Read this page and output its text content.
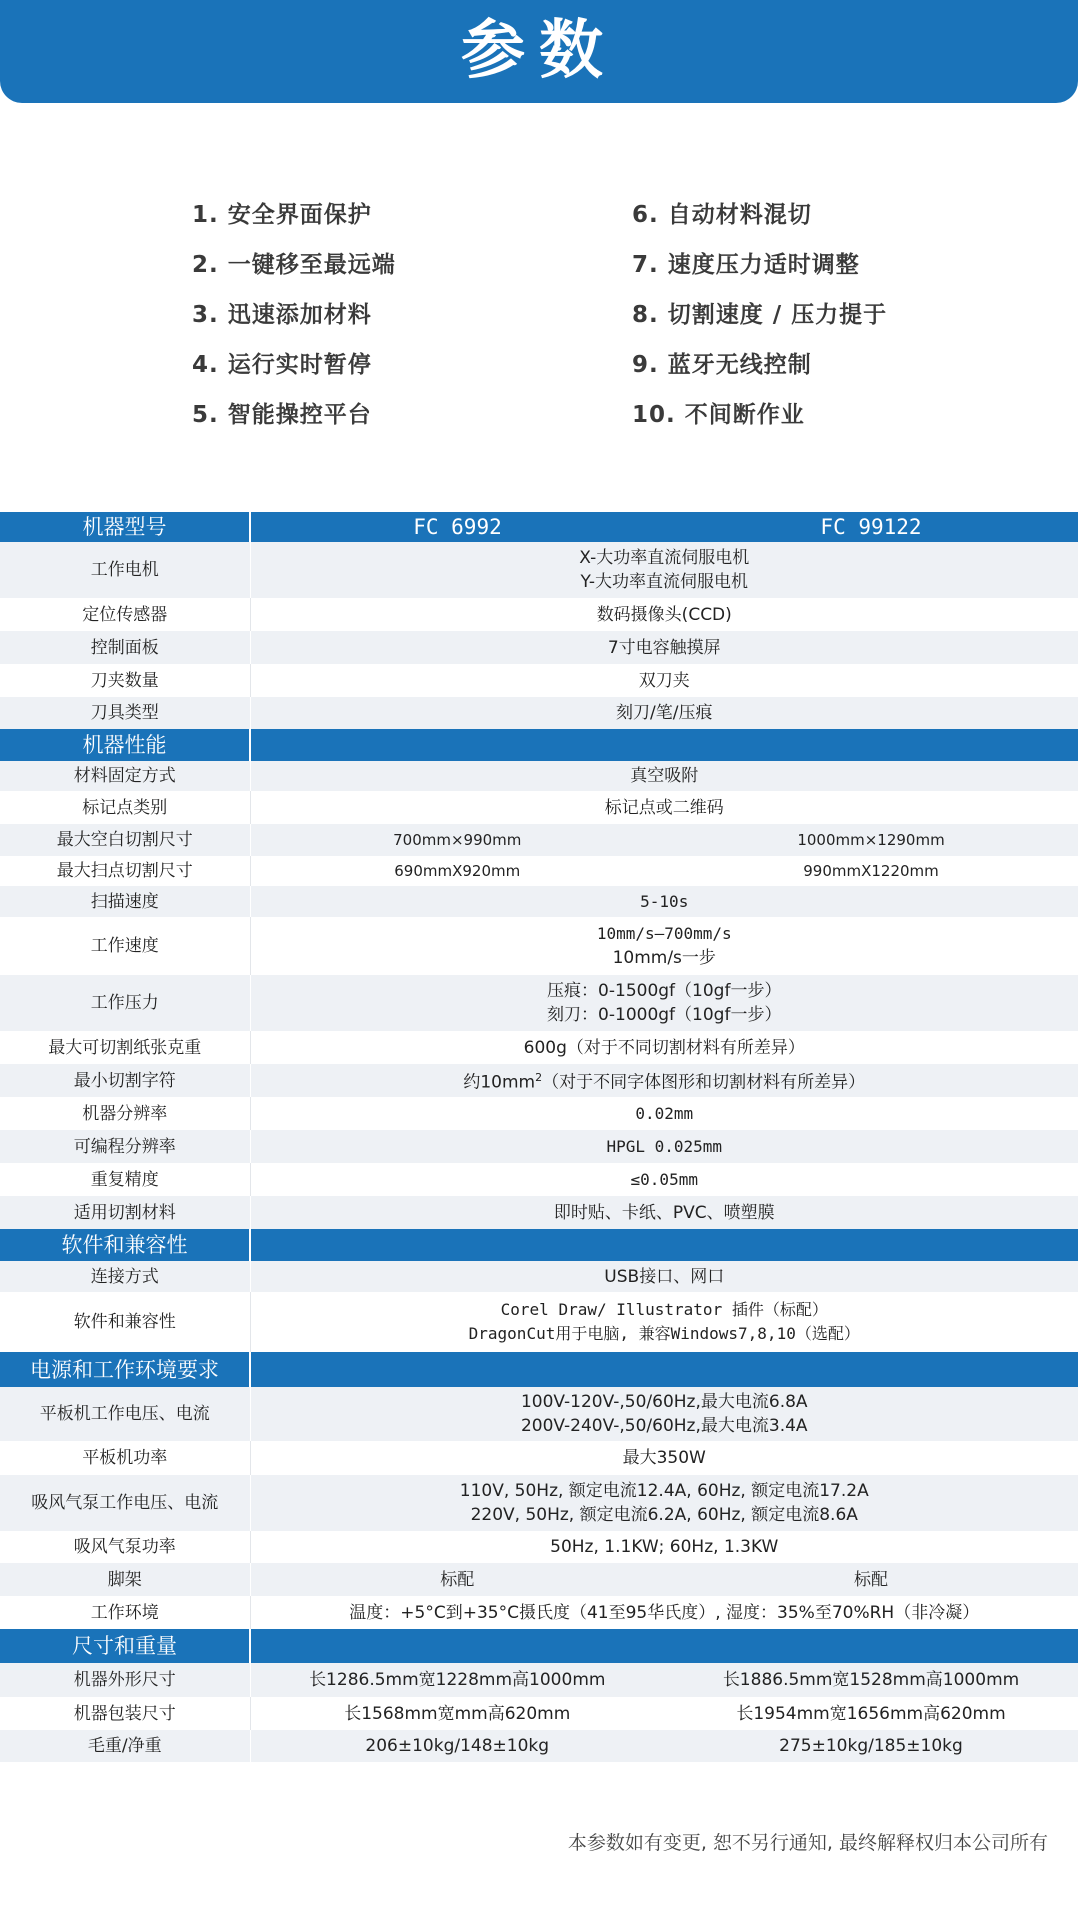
参数
1. 安全界面保护
2. 一键移至最远端
3. 迅速添加材料
4. 运行实时暂停
5. 智能操控平台
6. 自动材料混切
7. 速度压力适时调整
8. 切割速度 / 压力提于
9. 蓝牙无线控制
10. 不间断作业
机器型号	FC 6992	FC 99122
工作电机	X-大功率直流伺服电机
Y-大功率直流伺服电机	

定位传感器	数码摄像头(CCD)	
控制面板	7寸电容触摸屏	
刀夹数量	双刀夹	
刀具类型	刻刀/笔/压痕	
机器性能		
材料固定方式	真空吸附	
标记点类别	标记点或二维码	
最大空白切割尺寸	700mm×990mm	1000mm×1290mm
最大扫点切割尺寸	690mmX920mm	990mmX1220mm
扫描速度	5-10s	
工作速度	10mm/s—700mm/s
10mm/s一步	

工作压力	压痕：0-1500gf（10gf一步）
刻刀：0-1000gf（10gf一步）	

最大可切割纸张克重	600g（对于不同切割材料有所差异）	
最小切割字符	约$10mm^2$（对于不同字体图形和切割材料有所差异）	
机器分辨率	0.02mm	
可编程分辨率	HPGL 0.025mm	
重复精度	≤0.05mm	
适用切割材料	即时贴、卡纸、PVC、喷塑膜	
软件和兼容性		
连接方式	USB接口、网口	
软件和兼容性	Corel Draw/ Illustrator 插件（标配）
DragonCut用于电脑, 兼容Windows7,8,10（选配）	

电源和工作环境要求		
平板机工作电压、电流	100V-120V-,50/60Hz,最大电流6.8A
200V-240V-,50/60Hz,最大电流3.4A	

平板机功率	最大350W	
吸风气泵工作电压、电流	110V, 50Hz, 额定电流12.4A, 60Hz, 额定电流17.2A
220V, 50Hz, 额定电流6.2A, 60Hz, 额定电流8.6A	

吸风气泵功率	50Hz, 1.1KW; 60Hz, 1.3KW	
脚架	标配	标配
工作环境	温度：+5°C到+35°C摄氏度（41至95华氏度）, 湿度：35%至70%RH（非冷凝）	
尺寸和重量		
机器外形尺寸	长1286.5mm宽1228mm高1000mm	长1886.5mm宽1528mm高1000mm
机器包装尺寸	长1568mm宽mm高620mm	长1954mm宽1656mm高620mm
毛重/净重	206±10kg/148±10kg	275±10kg/185±10kg
本参数如有变更, 恕不另行通知, 最终解释权归本公司所有
